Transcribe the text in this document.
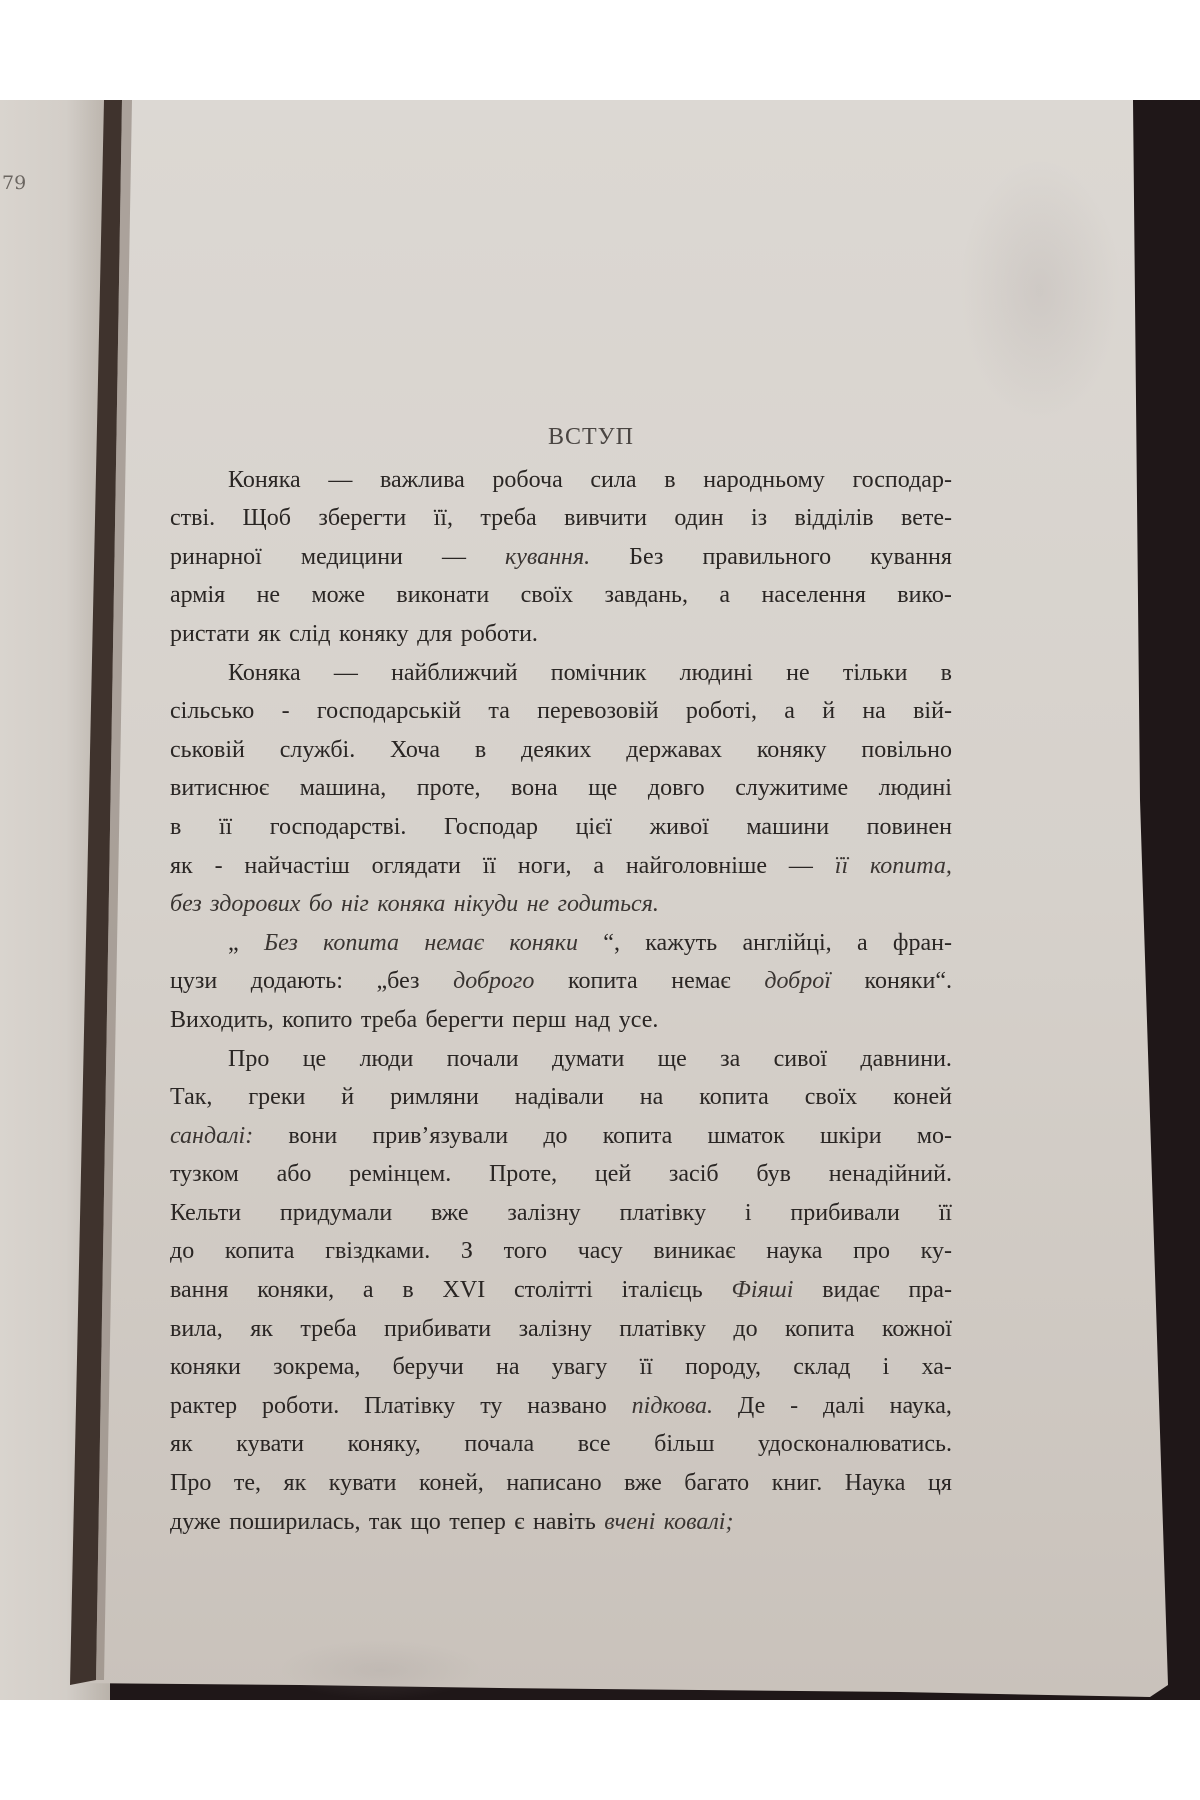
79
ВСТУП
Коняка — важлива робоча сила в народньому господар-
стві. Щоб зберегти її, треба вивчити один із відділів вете-
ринарної медицини — кування. Без правильного кування
армія не може виконати своїх завдань, а населення вико-
ристати як слід коняку для роботи.
Коняка — найближчий помічник людині не тільки в
сільсько - господарській та перевозовій роботі, а й на вій-
ськовій службі. Хоча в деяких державах коняку повільно
витиснює машина, проте, вона ще довго служитиме людині
в її господарстві. Господар цієї живої машини повинен
як - найчастіш оглядати її ноги, а найголовніше — її копита,
без здорових бо ніг коняка нікуди не годиться.
„ Без копита немає коняки “, кажуть англійці, а фран-
цузи додають: „без доброго копита немає доброї коняки“.
Виходить, копито треба берегти перш над усе.
Про це люди почали думати ще за сивої давнини.
Так, греки й римляни надівали на копита своїх коней
сандалі: вони прив’язували до копита шматок шкіри мо-
тузком або ремінцем. Проте, цей засіб був ненадійний.
Кельти придумали вже залізну платівку і прибивали її
до копита гвіздками. З того часу виникає наука про ку-
вання коняки, а в XVI столітті італієць Фіяші видає пра-
вила, як треба прибивати залізну платівку до копита кожної
коняки зокрема, беручи на увагу її породу, склад і ха-
рактер роботи. Платівку ту названо підкова. Де - далі наука,
як кувати коняку, почала все більш удосконалюватись.
Про те, як кувати коней, написано вже багато книг. Наука ця
дуже поширилась, так що тепер є навіть вчені ковалі;
